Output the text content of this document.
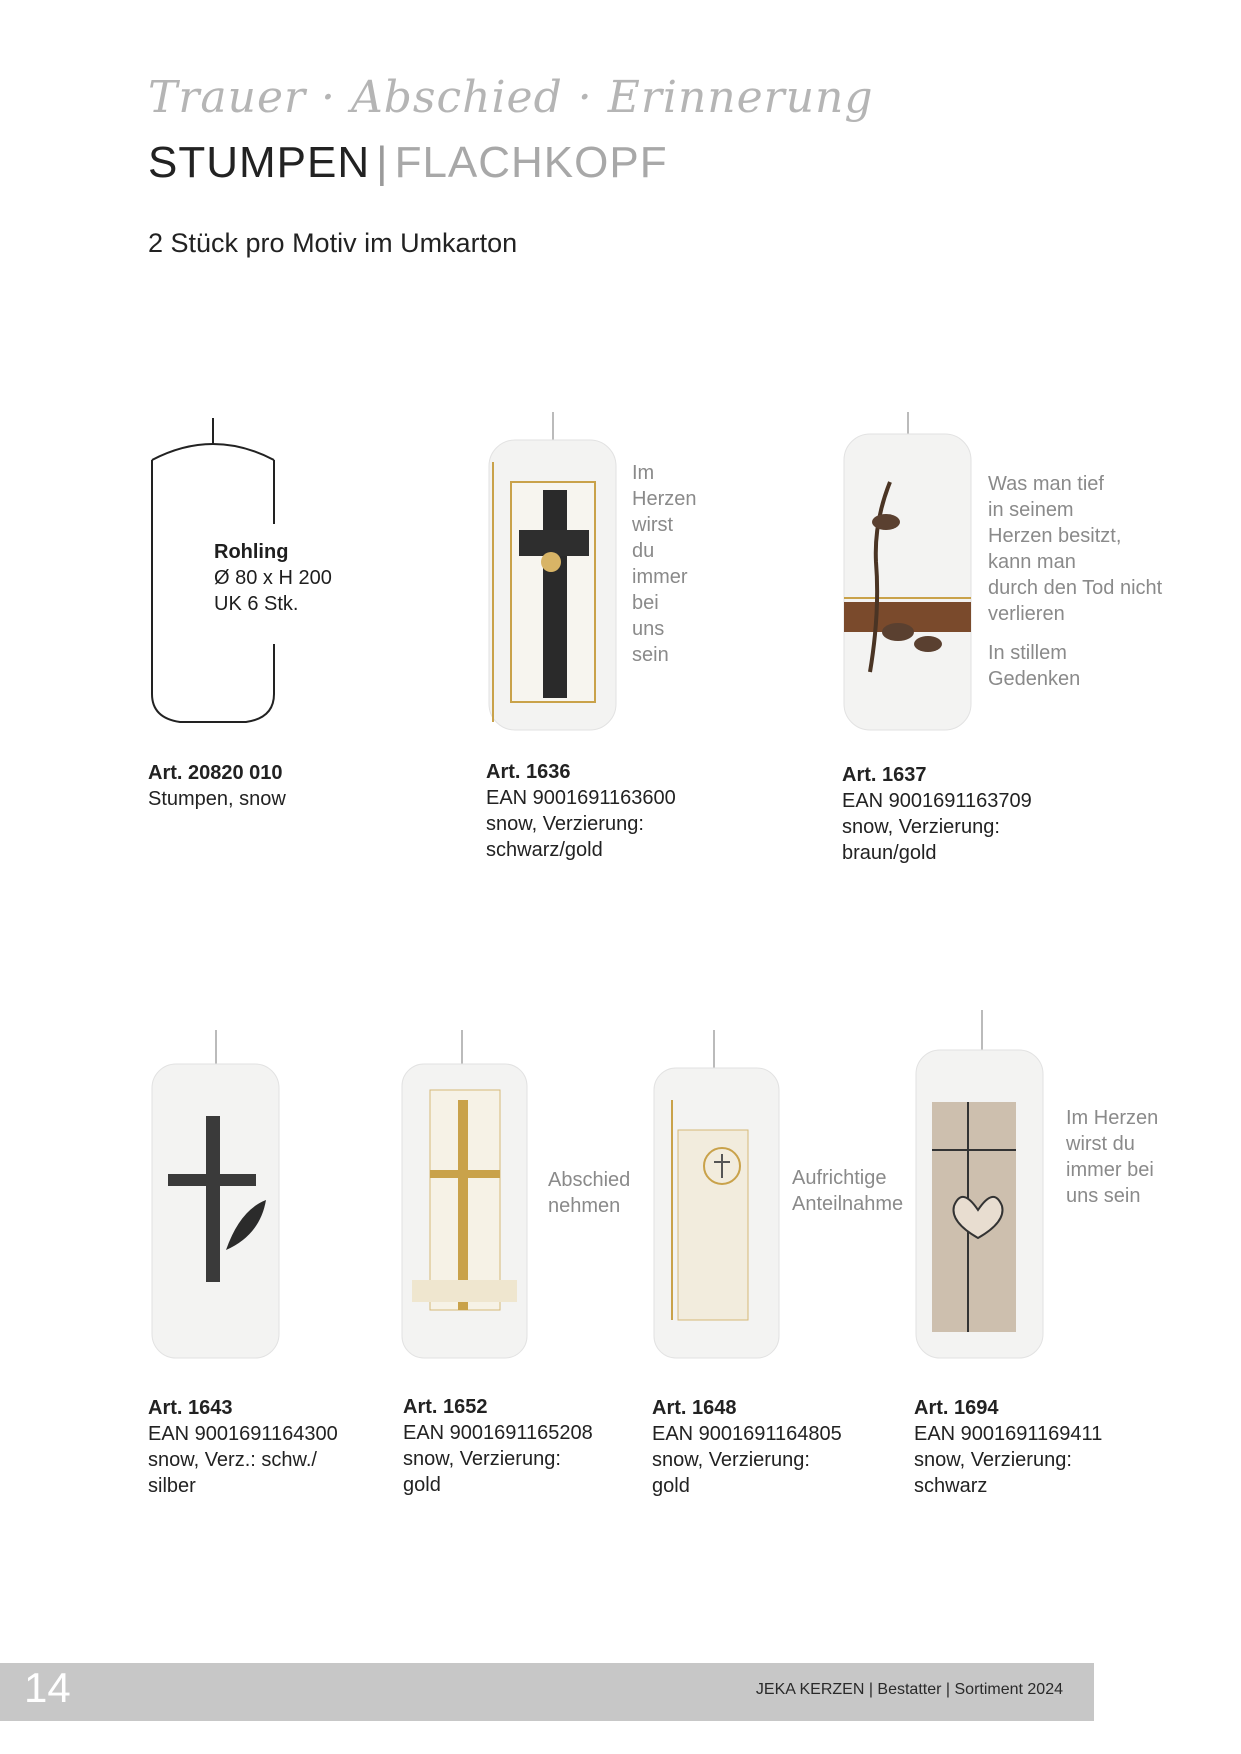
Trauer · Abschied · Erinnerung
STUMPEN | FLACHKOPF
2 Stück pro Motiv im Umkarton
Rohling
Ø 80 x H 200
UK 6 Stk.
Im
Herzen
wirst
du
immer
bei
uns
sein
Was man tief
in seinem
Herzen besitzt,
kann man
durch den Tod nicht
verlieren
In stillem
Gedenken
Abschied
nehmen
Aufrichtige
Anteilnahme
Im Herzen
wirst du
immer bei
uns sein
Art. 20820 010
Stumpen, snow
Art. 1636
EAN 9001691163600
snow, Verzierung:
schwarz/gold
Art. 1637
EAN 9001691163709
snow, Verzierung:
braun/gold
Art. 1643
EAN 9001691164300
snow, Verz.: schw./
silber
Art. 1652
EAN 9001691165208
snow, Verzierung:
gold
Art. 1648
EAN 9001691164805
snow, Verzierung:
gold
Art. 1694
EAN 9001691169411
snow, Verzierung:
schwarz
14	JEKA KERZEN | Bestatter | Sortiment 2024
